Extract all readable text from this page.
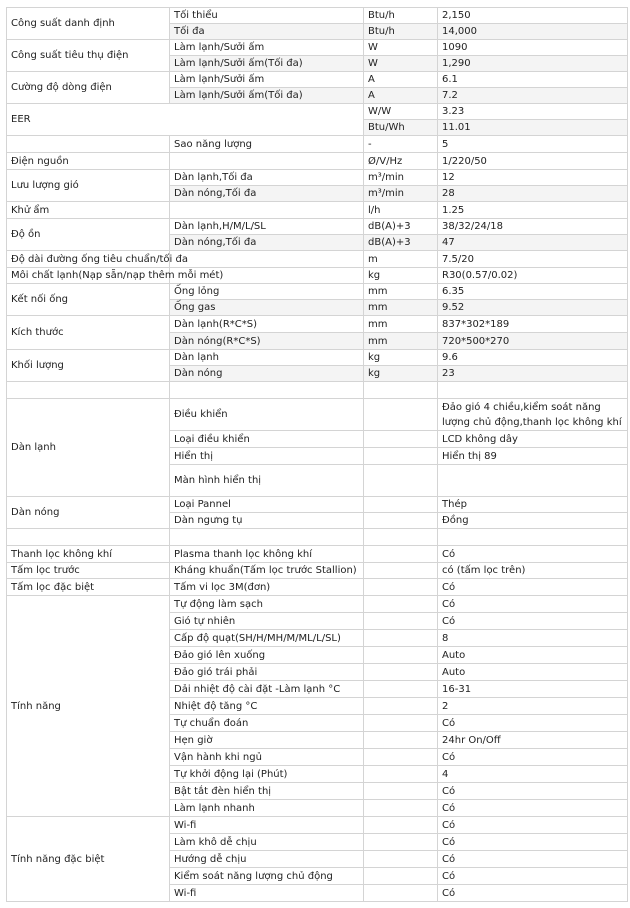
Công suất danh định	Tối thiểu	Btu/h	2,150
	Tối đa	Btu/h	14,000
Công suất tiêu thụ điện	Làm lạnh/Sưởi ấm	W	1090
	Làm lạnh/Sưởi ấm(Tối đa)	W	1,290
Cường độ dòng điện	Làm lạnh/Sưởi ấm	A	6.1
	Làm lạnh/Sưởi ấm(Tối đa)	A	7.2
EER		W/W	3.23
		Btu/Wh	11.01
	Sao năng lượng	-	5
Điện nguồn		Ø/V/Hz	1/220/50
Lưu lượng gió	Dàn lạnh,Tối đa	m³/min	12
	Dàn nóng,Tối đa	m³/min	28
Khử ẩm		l/h	1.25
Độ ồn	Dàn lạnh,H/M/L/SL	dB(A)+3	38/32/24/18
	Dàn nóng,Tối đa	dB(A)+3	47
Độ dài đường ống tiêu chuẩn/tối đa		m	7.5/20
Môi chất lạnh(Nạp sẵn/nạp thêm mỗi mét)		kg	R30(0.57/0.02)
Kết nối ống	Ống lỏng	mm	6.35
	Ống gas	mm	9.52
Kích thước	Dàn lạnh(R*C*S)	mm	837*302*189
	Dàn nóng(R*C*S)	mm	720*500*270
Khối lượng	Dàn lạnh	kg	9.6
	Dàn nóng	kg	23

Dàn lạnh	Điều khiển		Đảo gió 4 chiều,kiểm soát năng lượng chủ động,thanh lọc không khí
	Loại điều khiển		LCD không dây
	Hiển thị		Hiển thị 89
	Màn hình hiển thị		
Dàn nóng	Loại Pannel		Thép
	Dàn ngưng tụ		Đồng

Thanh lọc không khí	Plasma thanh lọc không khí		Có
Tấm lọc trước	Kháng khuẩn(Tấm lọc trước Stallion)		có (tấm lọc trên)
Tấm lọc đặc biệt	Tấm vi lọc 3M(đơn)		Có
Tính năng	Tự động làm sạch		Có
	Gió tự nhiên		Có
	Cấp độ quạt(SH/H/MH/M/ML/L/SL)		8
	Đảo gió lên xuống		Auto
	Đảo gió trái phải		Auto
	Dải nhiệt độ cài đặt -Làm lạnh °C		16-31
	Nhiệt độ tăng °C		2
	Tự chuẩn đoán		Có
	Hẹn giờ		24hr On/Off
	Vận hành khi ngủ		Có
	Tự khởi động lại (Phút)		4
	Bật tắt đèn hiển thị		Có
	Làm lạnh nhanh		Có
Tính năng đặc biệt	Wi-fi		Có
	Làm khô dễ chịu		Có
	Hướng dễ chịu		Có
	Kiểm soát năng lượng chủ động		Có
	Wi-fi		Có
